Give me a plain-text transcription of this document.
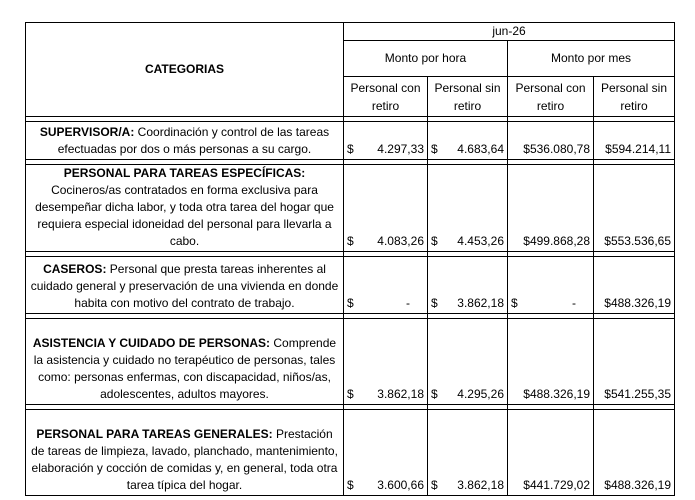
CATEGORIAS	jun-26			
	Monto por hora		Monto por mes	
	Personal con retiro	Personal sin retiro	Personal con retiro	Personal sin retiro

SUPERVISOR/A: Coordinación y control de las tareas efectuadas por dos o más personas a su cargo.	$ 4.297,33	$ 4.683,64	$536.080,78	$594.214,11

PERSONAL PARA TAREAS ESPECÍFICAS: Cocineros/as contratados en forma exclusiva para desempeñar dicha labor, y toda otra tarea del hogar que requiera especial idoneidad del personal para llevarla a cabo.	$ 4.083,26	$ 4.453,26	$499.868,28	$553.536,65

CASEROS: Personal que presta tareas inherentes al cuidado general y preservación de una vivienda en donde habita con motivo del contrato de trabajo.	$ -	$ 3.862,18	$ -	$488.326,19

ASISTENCIA Y CUIDADO DE PERSONAS: Comprende la asistencia y cuidado no terapéutico de personas, tales como: personas enfermas, con discapacidad, niños/as, adolescentes, adultos mayores.	$ 3.862,18	$ 4.295,26	$488.326,19	$541.255,35

PERSONAL PARA TAREAS GENERALES: Prestación de tareas de limpieza, lavado, planchado, mantenimiento, elaboración y cocción de comidas y, en general, toda otra tarea típica del hogar.	$ 3.600,66	$ 3.862,18	$441.729,02	$488.326,19
